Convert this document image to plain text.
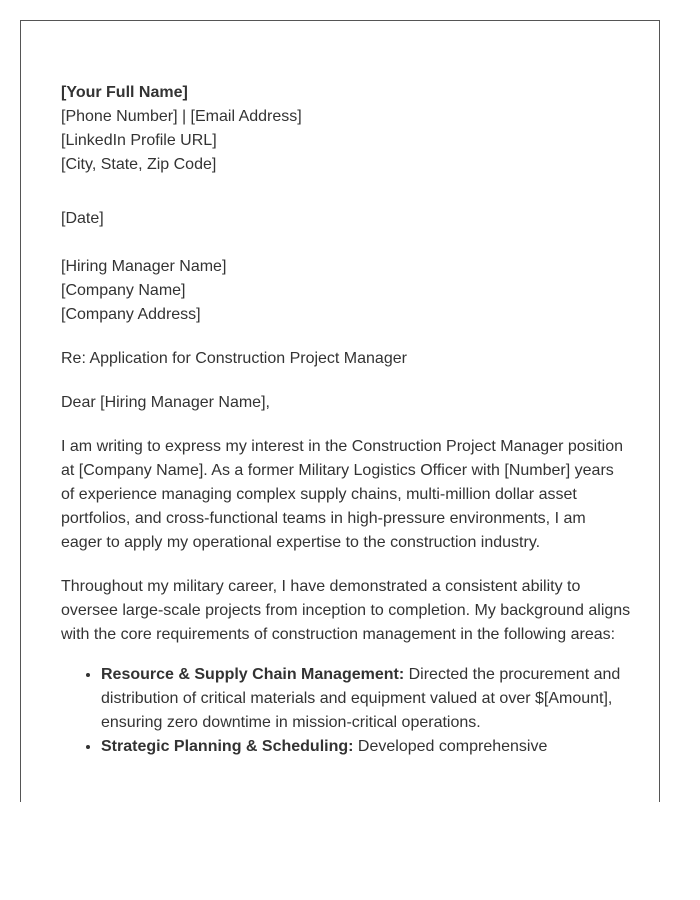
[Your Full Name]
[Phone Number] | [Email Address]
[LinkedIn Profile URL]
[City, State, Zip Code]
[Date]
[Hiring Manager Name]
[Company Name]
[Company Address]

Re: Application for Construction Project Manager

Dear [Hiring Manager Name],

I am writing to express my interest in the Construction Project Manager position at [Company Name]. As a former Military Logistics Officer with [Number] years of experience managing complex supply chains, multi-million dollar asset portfolios, and cross-functional teams in high-pressure environments, I am eager to apply my operational expertise to the construction industry.

Throughout my military career, I have demonstrated a consistent ability to oversee large-scale projects from inception to completion. My background aligns with the core requirements of construction management in the following areas:

• Resource & Supply Chain Management: Directed the procurement and distribution of critical materials and equipment valued at over $[Amount], ensuring zero downtime in mission-critical operations.
• Strategic Planning & Scheduling: Developed comprehensive
